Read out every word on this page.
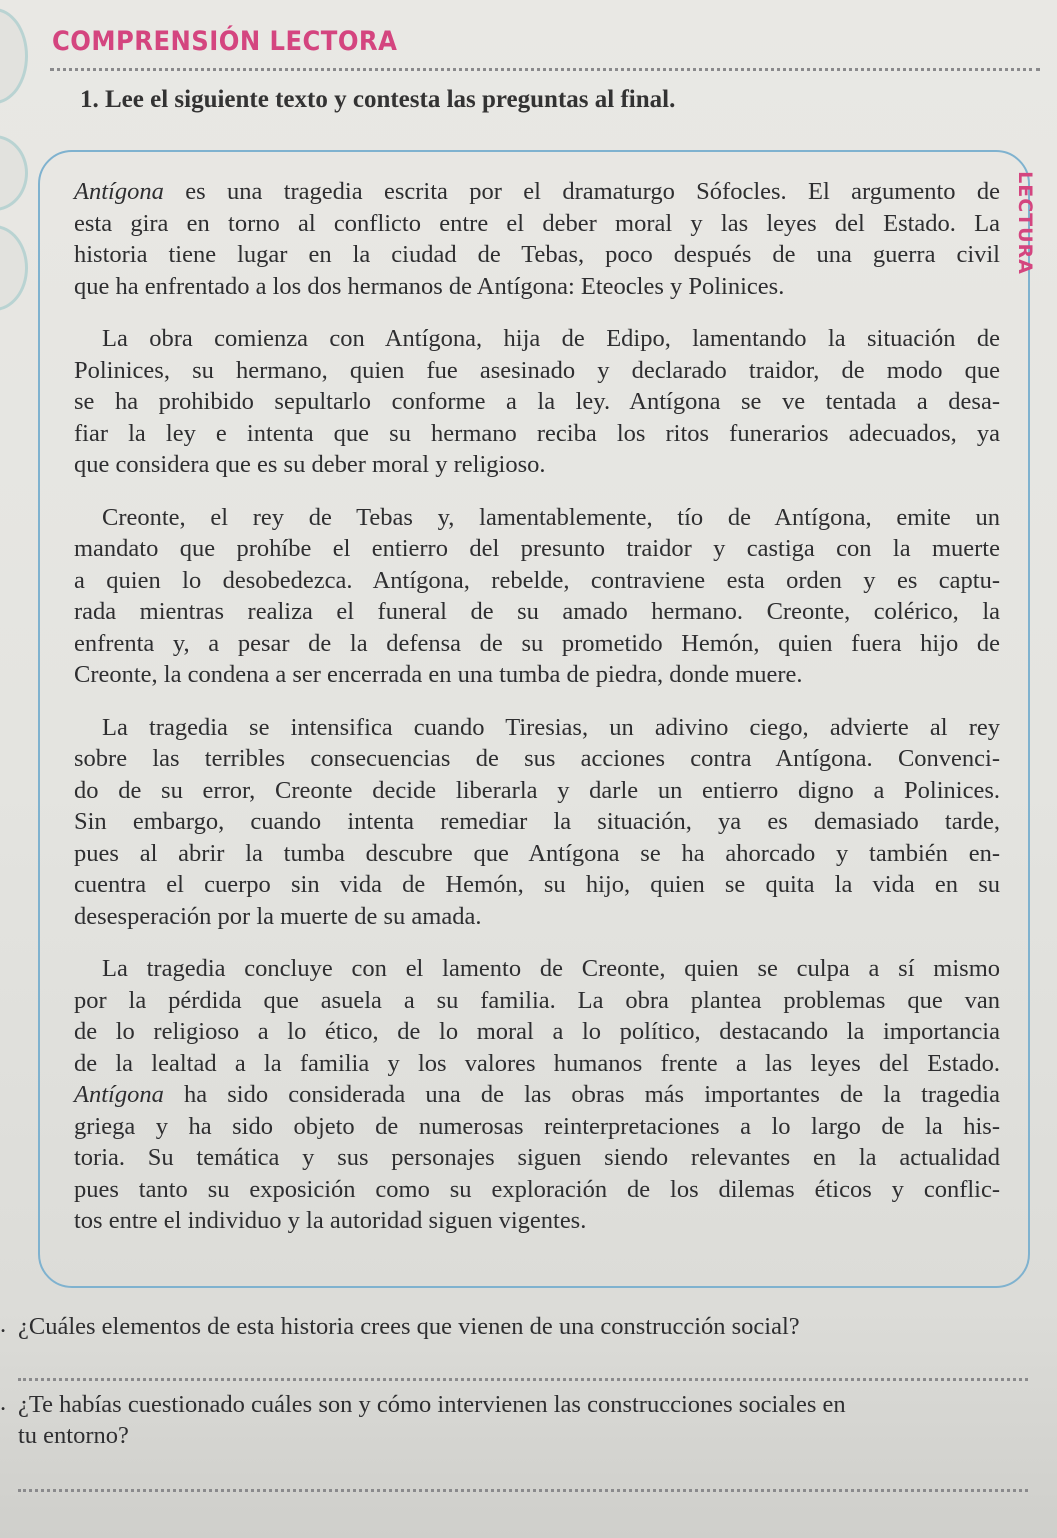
COMPRENSIÓN LECTORA
1. Lee el siguiente texto y contesta las preguntas al final.
LECTURA
Antígona es una tragedia escrita por el dramaturgo Sófocles. El argumento de
esta gira en torno al conflicto entre el deber moral y las leyes del Estado. La
historia tiene lugar en la ciudad de Tebas, poco después de una guerra civil
que ha enfrentado a los dos hermanos de Antígona: Eteocles y Polinices.
La obra comienza con Antígona, hija de Edipo, lamentando la situación de
Polinices, su hermano, quien fue asesinado y declarado traidor, de modo que
se ha prohibido sepultarlo conforme a la ley. Antígona se ve tentada a desa-
fiar la ley e intenta que su hermano reciba los ritos funerarios adecuados, ya
que considera que es su deber moral y religioso.
Creonte, el rey de Tebas y, lamentablemente, tío de Antígona, emite un
mandato que prohíbe el entierro del presunto traidor y castiga con la muerte
a quien lo desobedezca. Antígona, rebelde, contraviene esta orden y es captu-
rada mientras realiza el funeral de su amado hermano. Creonte, colérico, la
enfrenta y, a pesar de la defensa de su prometido Hemón, quien fuera hijo de
Creonte, la condena a ser encerrada en una tumba de piedra, donde muere.
La tragedia se intensifica cuando Tiresias, un adivino ciego, advierte al rey
sobre las terribles consecuencias de sus acciones contra Antígona. Convenci-
do de su error, Creonte decide liberarla y darle un entierro digno a Polinices.
Sin embargo, cuando intenta remediar la situación, ya es demasiado tarde,
pues al abrir la tumba descubre que Antígona se ha ahorcado y también en-
cuentra el cuerpo sin vida de Hemón, su hijo, quien se quita la vida en su
desesperación por la muerte de su amada.
La tragedia concluye con el lamento de Creonte, quien se culpa a sí mismo
por la pérdida que asuela a su familia. La obra plantea problemas que van
de lo religioso a lo ético, de lo moral a lo político, destacando la importancia
de la lealtad a la familia y los valores humanos frente a las leyes del Estado.
Antígona ha sido considerada una de las obras más importantes de la tragedia
griega y ha sido objeto de numerosas reinterpretaciones a lo largo de la his-
toria. Su temática y sus personajes siguen siendo relevantes en la actualidad
pues tanto su exposición como su exploración de los dilemas éticos y conflic-
tos entre el individuo y la autoridad siguen vigentes.
. ¿Cuáles elementos de esta historia crees que vienen de una construcción social?
. ¿Te habías cuestionado cuáles son y cómo intervienen las construcciones sociales en
tu entorno?
